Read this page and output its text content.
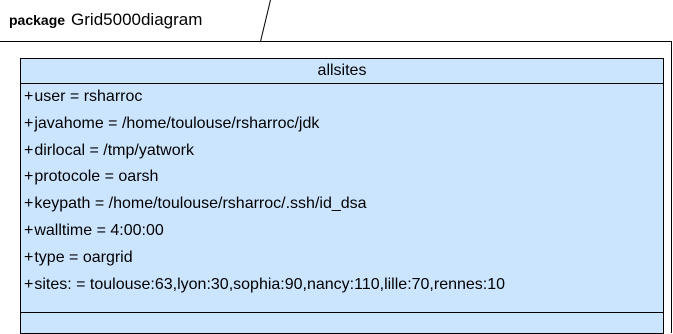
package Grid5000diagram
allsites
+user = rsharroc
+javahome = /home/toulouse/rsharroc/jdk
+dirlocal = /tmp/yatwork
+protocole = oarsh
+keypath = /home/toulouse/rsharroc/.ssh/id_dsa
+walltime = 4:00:00
+type = oargrid
+sites: = toulouse:63,lyon:30,sophia:90,nancy:110,lille:70,rennes:10
